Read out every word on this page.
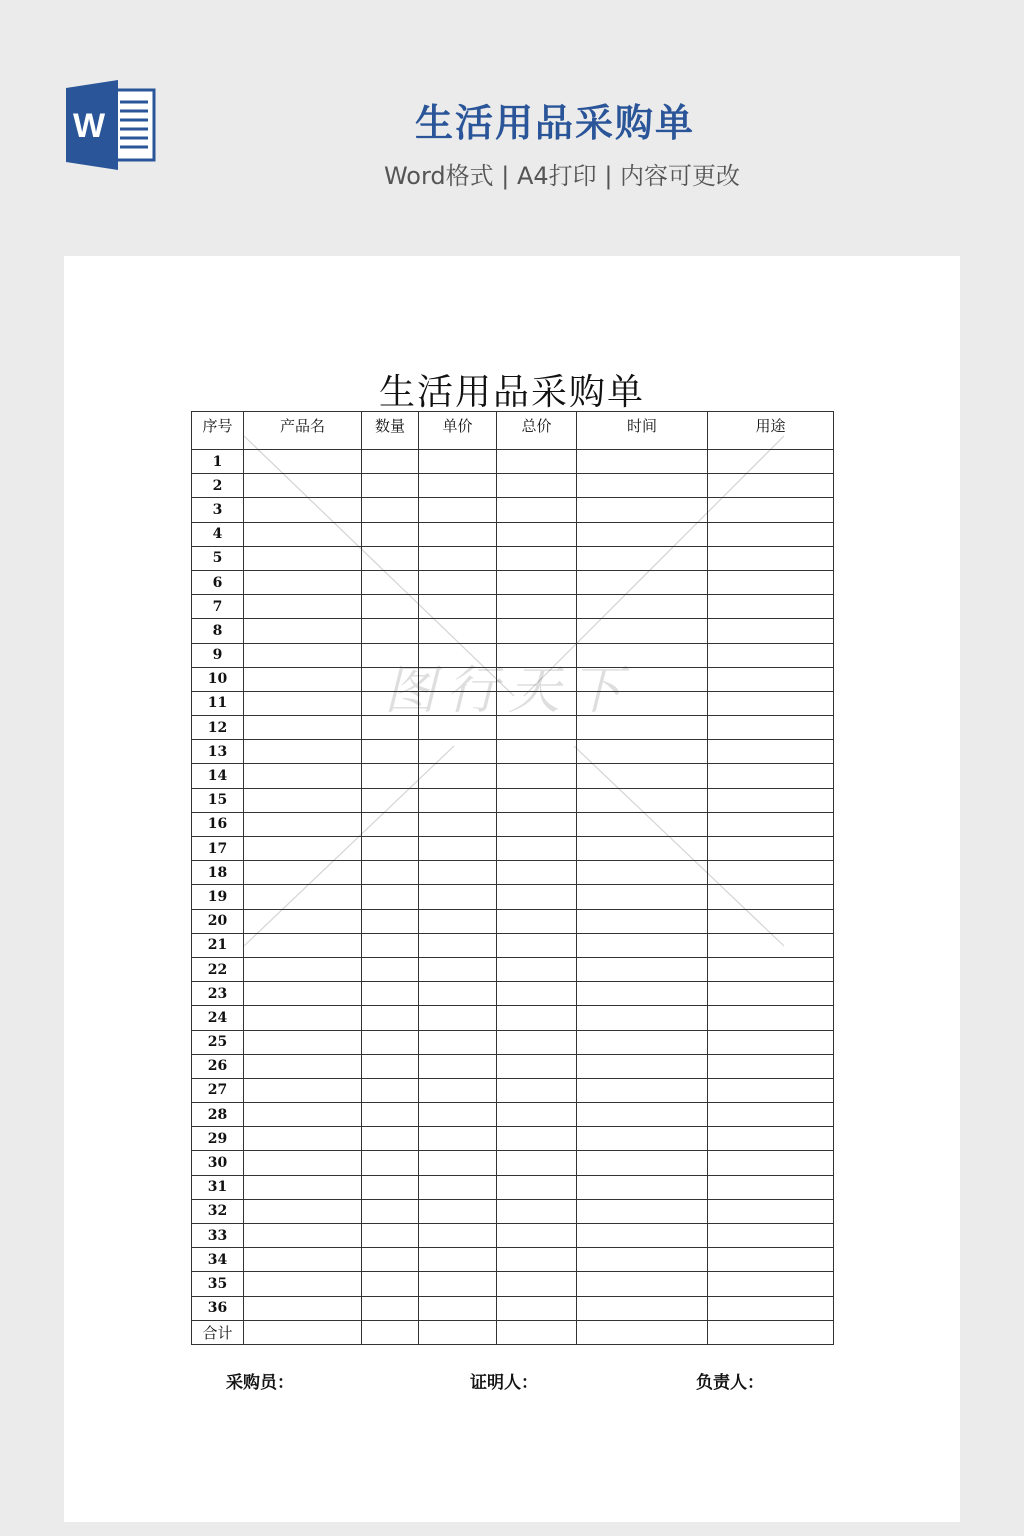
W	生活用品采购单
Word格式 | A4打印 | 内容可更改
图行天下
生活用品采购单
序号	产品名	数量	单价	总价	时间	用途
1						
2						
3						
4						
5						
6						
7						
8						
9						
10						
11						
12						
13						
14						
15						
16						
17						
18						
19						
20						
21						
22						
23						
24						
25						
26						
27						
28						
29						
30						
31						
32						
33						
34						
35						
36						
合计						
采购员：	证明人：	负责人：
